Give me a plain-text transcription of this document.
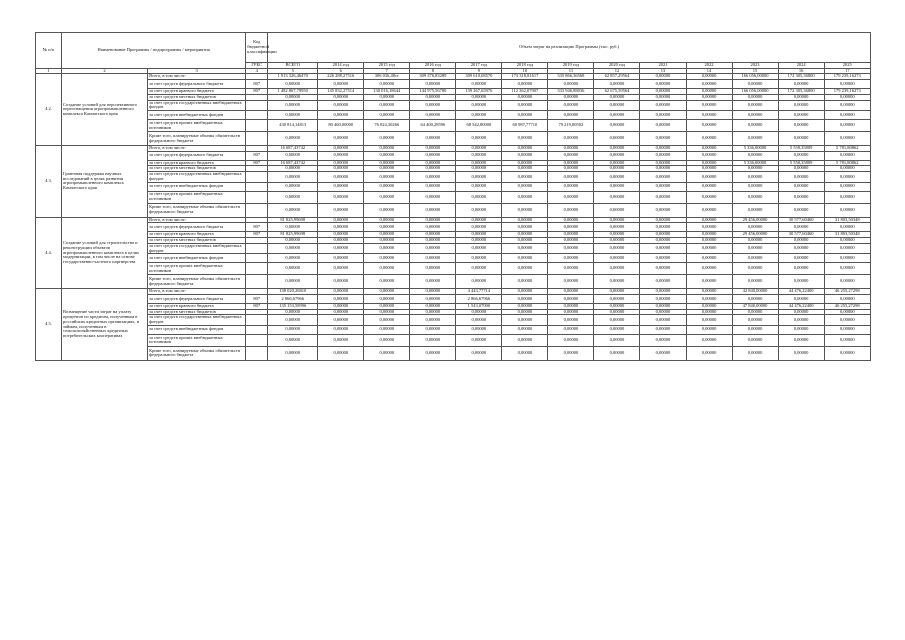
№ п/п	Наименование Программы / подпрограммы / мероприятия		Код бюджетной классификации	Объем затрат на реализацию Программы (тыс. руб.)												
			ГРБС	ВСЕГО	2014 год	2015 год	2016 год	2017 год	2018 год	2019 год	2020 год	2021	2022	2023	2024	2025
1	2	3	4	5	6	7	8	9	10	11	12	13	14	15	16	17
4.2.	Создание условий для перспективного переоснащения агропромышленного комплекса Камчатского края	Всего, в том числе:		1 913 326,46470	226 288,27516	306 036,48ст	309 376,83289	309 610,68570	173 318,81617	335 866,36568	62 857,29564	0,00000	0,00000	166 056,00000	172 305,36800	179 239,16273
		за счет средств федерального бюджета	807	0,00000	0,00000	0,00000	0,00000	0,00000	0,00000	0,00000	0,00000	0,00000	0,00000	0,00000	0,00000	0,00000
		за счет средств краевого бюджета	807	1 482 867,79950	145 832,27514	130 016,18644	144 975,56780	139 267,65976	112 362,07907	333 946,88036	62 675,59564	0,00000	0,00000	166 056,00000	172 305,36800	179 239,16273
		за счет средств местных бюджетов		0,00000	0,00000	0,00000	0,00000	0,00000	0,00000	0,00000	0,00000	0,00000	0,00000	0,00000	0,00000	0,00000
		за счет средств государственных внебюджетных фондов		0,00000	0,00000	0,00000	0,00000	0,00000	0,00000	0,00000	0,00000	0,00000	0,00000	0,00000	0,00000	0,00000
		за счет средств внебюджетных фондов		0,00000	0,00000	0,00000	0,00000	0,00000	0,00000	0,00000	0,00000	0,00000	0,00000	0,00000	0,00000	0,00000
		за счет средств прочих внебюджетных источников		430 814,14813	80 460,00000	76 024,30266	64 400,28596	68 542,80000	60 987,77710	79 219,00502	0,00000	0,00000	0,00000	0,00000	0,00000	0,00000
		Кроме того, планируемые объемы обязательств федерального бюджета		0,00000	0,00000	0,00000	0,00000	0,00000	0,00000	0,00000	0,00000	0,00000	0,00000	0,00000	0,00000	0,00000
4.3.	Грантовая поддержка научных исследований в целях развития агропромышленного комплекса Камчатского края	Всего, в том числе:		16 687,43742	0,00000	0,00000	0,00000	0,00000	0,00000	0,00000	0,00000	0,00000	0,00000	5 336,00000	5 558,35809	5 781,80862
		за счет средств федерального бюджета	807	0,00000	0,00000	0,00000	0,00000	0,00000	0,00000	0,00000	0,00000	0,00000	0,00000	0,00000	0,00000	0,00000
		за счет средств краевого бюджета	807	16 687,43742	0,00000	0,00000	0,00000	0,00000	0,00000	0,00000	0,00000	0,00000	0,00000	5 336,00000	5 558,35809	5 781,80862
		за счет средств местных бюджетов		0,00000	0,00000	0,00000	0,00000	0,00000	0,00000	0,00000	0,00000	0,00000	0,00000	0,00000	0,00000	0,00000
		за счет средств государственных внебюджетных фондов		0,00000	0,00000	0,00000	0,00000	0,00000	0,00000	0,00000	0,00000	0,00000	0,00000	0,00000	0,00000	0,00000
		за счет средств внебюджетных фондов		0,00000	0,00000	0,00000	0,00000	0,00000	0,00000	0,00000	0,00000	0,00000	0,00000	0,00000	0,00000	0,00000
		за счет средств прочих внебюджетных источников		0,00000	0,00000	0,00000	0,00000	0,00000	0,00000	0,00000	0,00000	0,00000	0,00000	0,00000	0,00000	0,00000
		Кроме того, планируемые объемы обязательств федерального бюджета		0,00000	0,00000	0,00000	0,00000	0,00000	0,00000	0,00000	0,00000	0,00000	0,00000	0,00000	0,00000	0,00000
4.4.	Создание условий для строительства и реконструкции объектов агропромышленного комплекса в целях модернизации, в том числе на основе государственно-частного партнерства	Всего, в том числе:		81 825,99698	0,00000	0,00000	0,00000	0,00000	0,00000	0,00000	0,00000	0,00000	0,00000	29 456,00000	30 577,60460	31 803,50348
		за счет средств федерального бюджета	807	0,00000	0,00000	0,00000	0,00000	0,00000	0,00000	0,00000	0,00000	0,00000	0,00000	0,00000	0,00000	0,00000
		за счет средств краевого бюджета	807	81 825,99698	0,00000	0,00000	0,00000	0,00000	0,00000	0,00000	0,00000	0,00000	0,00000	29 456,00000	30 577,60460	31 803,50348
		за счет средств местных бюджетов		0,00000	0,00000	0,00000	0,00000	0,00000	0,00000	0,00000	0,00000	0,00000	0,00000	0,00000	0,00000	0,00000
		за счет средств государственных внебюджетных фондов		0,00000	0,00000	0,00000	0,00000	0,00000	0,00000	0,00000	0,00000	0,00000	0,00000	0,00000	0,00000	0,00000
		за счет средств внебюджетных фондов		0,00000	0,00000	0,00000	0,00000	0,00000	0,00000	0,00000	0,00000	0,00000	0,00000	0,00000	0,00000	0,00000
		за счет средств прочих внебюджетных источников		0,00000	0,00000	0,00000	0,00000	0,00000	0,00000	0,00000	0,00000	0,00000	0,00000	0,00000	0,00000	0,00000
		Кроме того, планируемые объемы обязательств федерального бюджета		0,00000	0,00000	0,00000	0,00000	0,00000	0,00000	0,00000	0,00000	0,00000	0,00000	0,00000	0,00000	0,00000
4.5.	Возмещение части затрат на уплату процентов по кредитам, полученным в российских кредитных организациях, и займам, полученным в сельскохозяйственных кредитных потребительских кооперативах	Всего, в том числе:		138 020,26810	0,00000	0,00000	0,00000	4 443,77714	0,00000	0,00000	0,00000	0,00000	0,00000	42 840,00000	44 476,22400	46 255,27298
		за счет средств федерального бюджета	807	2 866,67966	0,00000	0,00000	0,00000	2 866,67966	0,00000	0,00000	0,00000	0,00000	0,00000	0,00000	0,00000	0,00000
		за счет средств краевого бюджета	807	135 153,58996	0,00000	0,00000	0,00000	1 543,07000	0,00000	0,00000	0,00000	0,00000	0,00000	47 840,00000	44 476,22400	46 255,27298
		за счет средств местных бюджетов		0,00000	0,00000	0,00000	0,00000	0,00000	0,00000	0,00000	0,00000	0,00000	0,00000	0,00000	0,00000	0,00000
		за счет средств государственных внебюджетных фондов		0,00000	0,00000	0,00000	0,00000	0,00000	0,00000	0,00000	0,00000	0,00000	0,00000	0,00000	0,00000	0,00000
		за счет средств внебюджетных фондов		0,00000	0,00000	0,00000	0,00000	0,00000	0,00000	0,00000	0,00000	0,00000	0,00000	0,00000	0,00000	0,00000
		за счет средств прочих внебюджетных источников		0,00000	0,00000	0,00000	0,00000	0,00000	0,00000	0,00000	0,00000	0,00000	0,00000	0,00000	0,00000	0,00000
		Кроме того, планируемые объемы обязательств федерального бюджета		0,00000	0,00000	0,00000	0,00000	0,00000	0,00000	0,00000	0,00000	0,00000	0,00000	0,00000	0,00000	0,00000
